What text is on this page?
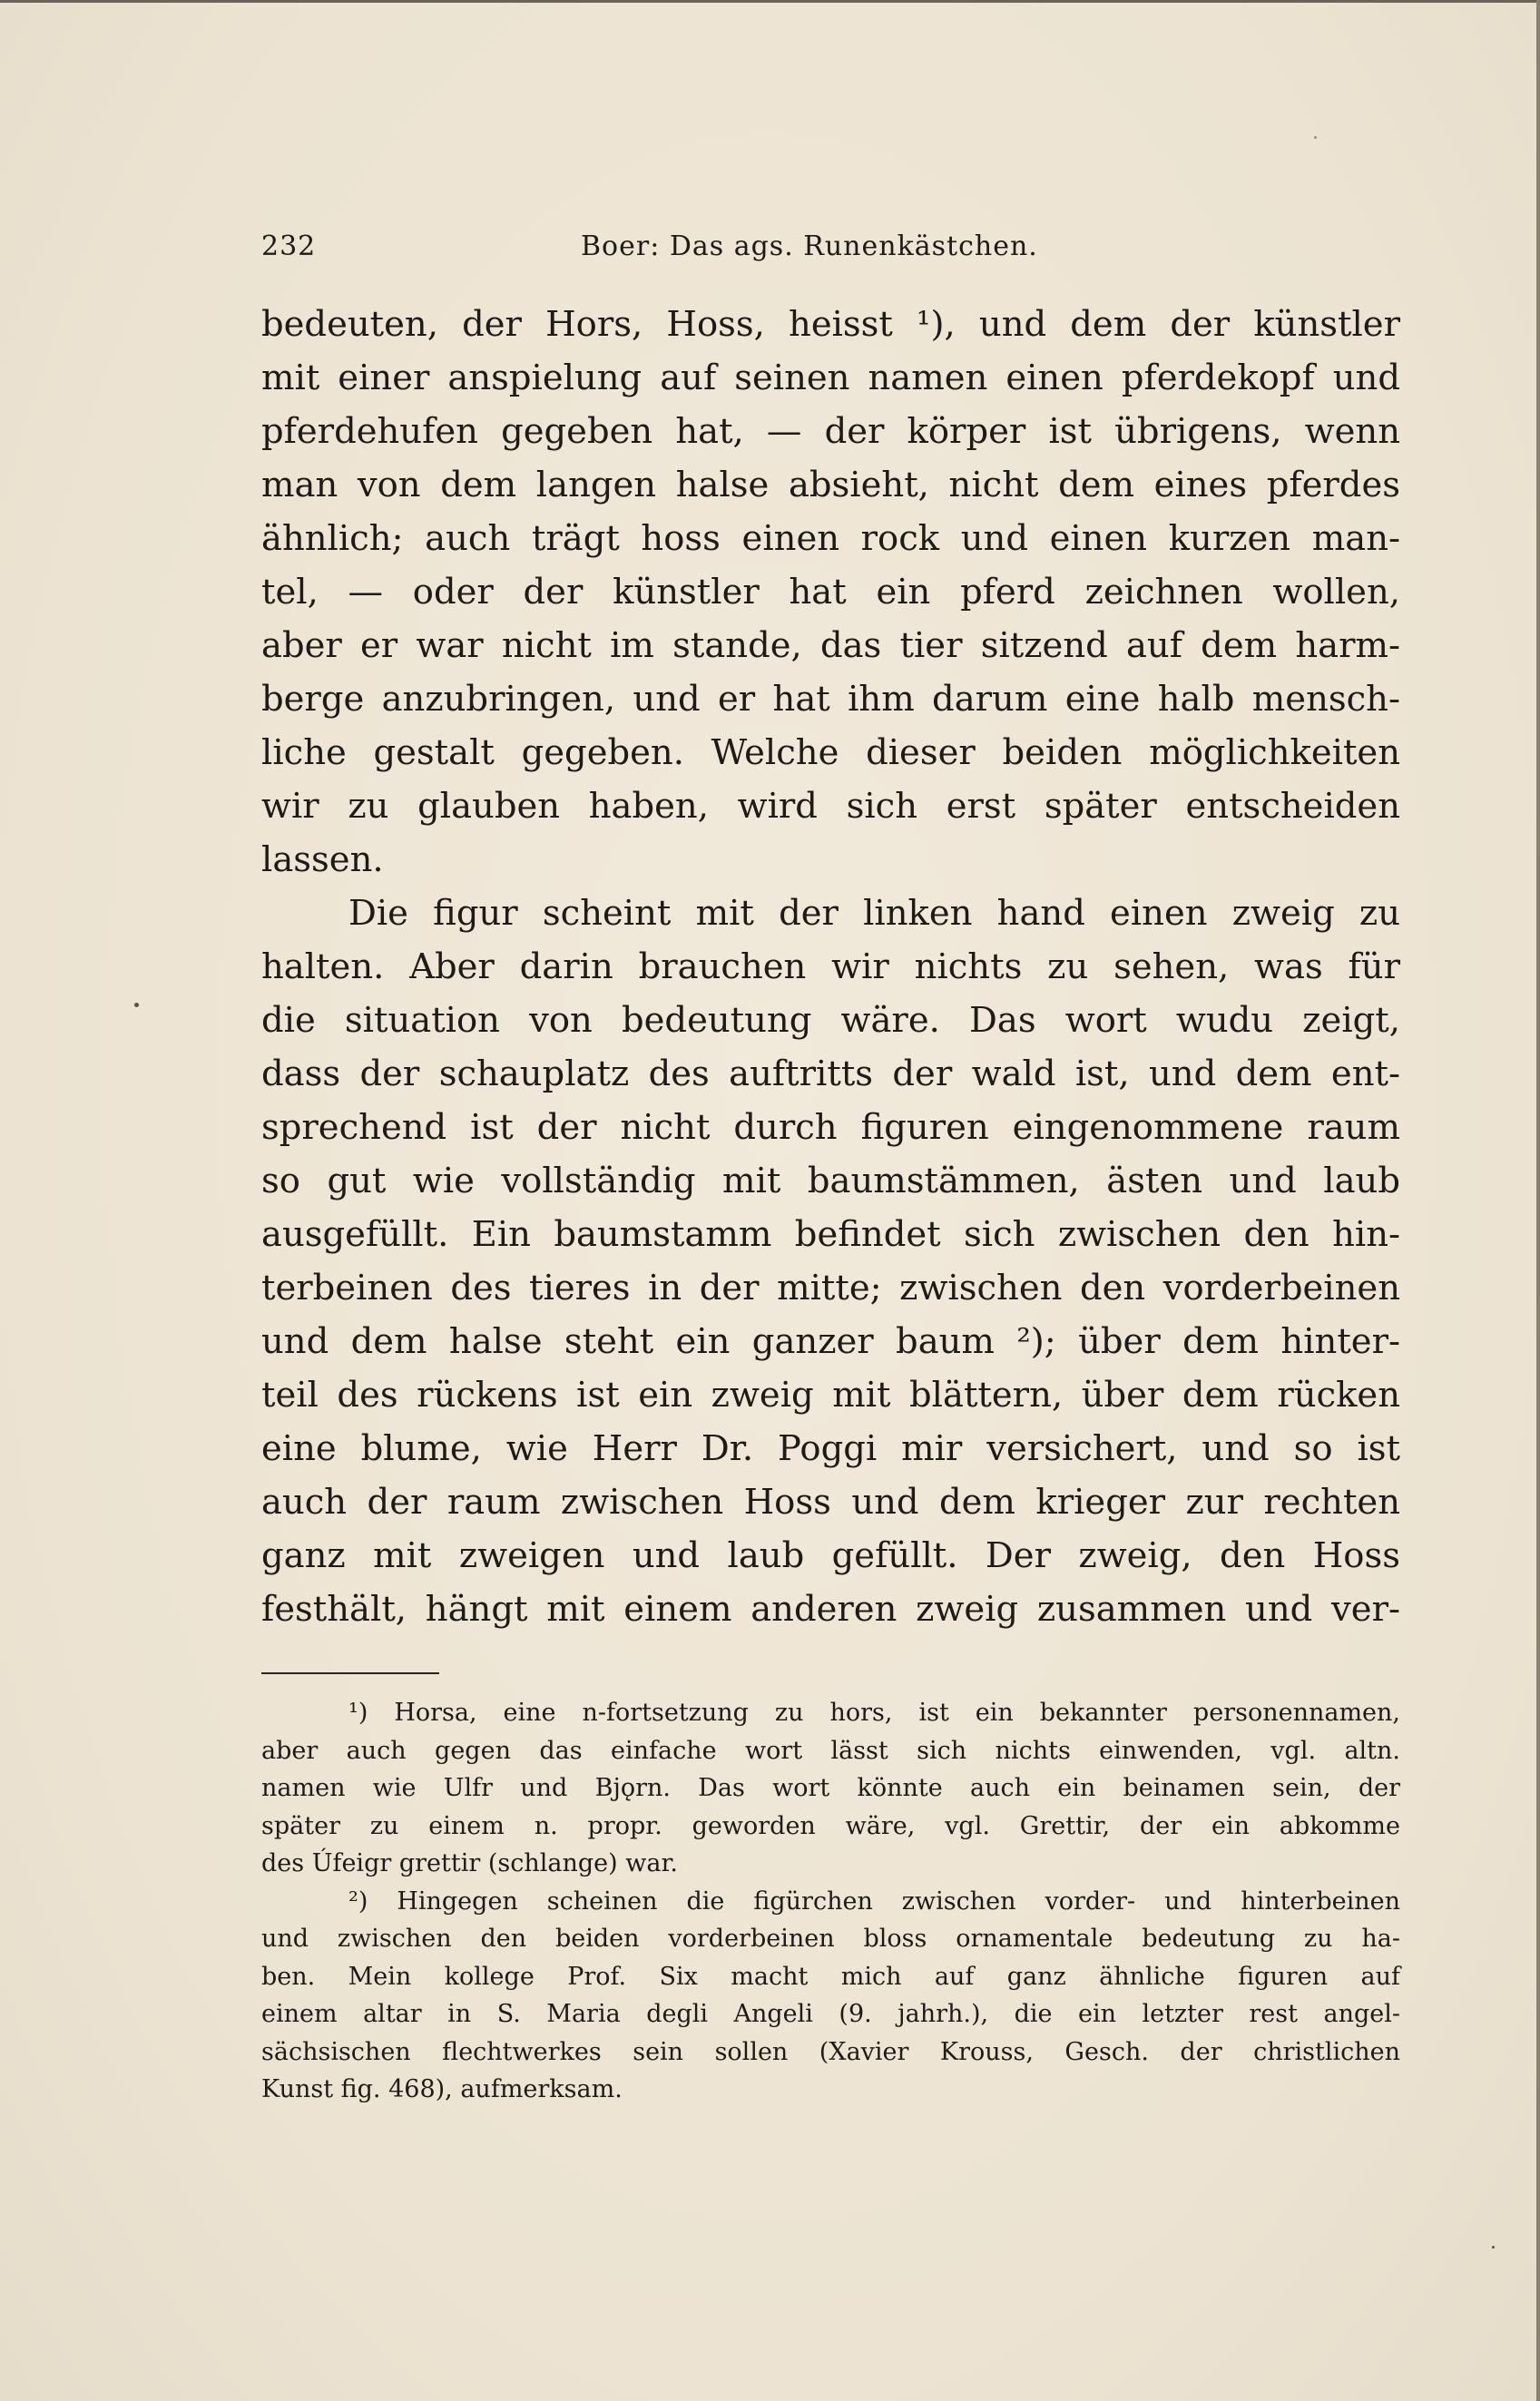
232	Boer: Das ags. Runenkästchen.
bedeuten, der Hors, Hoss, heisst ¹), und dem der künstler
mit einer anspielung auf seinen namen einen pferdekopf und
pferdehufen gegeben hat, — der körper ist übrigens, wenn
man von dem langen halse absieht, nicht dem eines pferdes
ähnlich; auch trägt hoss einen rock und einen kurzen man-
tel, — oder der künstler hat ein pferd zeichnen wollen,
aber er war nicht im stande, das tier sitzend auf dem harm-
berge anzubringen, und er hat ihm darum eine halb mensch-
liche gestalt gegeben. Welche dieser beiden möglichkeiten
wir zu glauben haben, wird sich erst später entscheiden
lassen.
Die figur scheint mit der linken hand einen zweig zu
halten. Aber darin brauchen wir nichts zu sehen, was für
die situation von bedeutung wäre. Das wort wudu zeigt,
dass der schauplatz des auftritts der wald ist, und dem ent-
sprechend ist der nicht durch figuren eingenommene raum
so gut wie vollständig mit baumstämmen, ästen und laub
ausgefüllt. Ein baumstamm befindet sich zwischen den hin-
terbeinen des tieres in der mitte; zwischen den vorderbeinen
und dem halse steht ein ganzer baum ²); über dem hinter-
teil des rückens ist ein zweig mit blättern, über dem rücken
eine blume, wie Herr Dr. Poggi mir versichert, und so ist
auch der raum zwischen Hoss und dem krieger zur rechten
ganz mit zweigen und laub gefüllt. Der zweig, den Hoss
festhält, hängt mit einem anderen zweig zusammen und ver-
¹) Horsa, eine n-fortsetzung zu hors, ist ein bekannter personennamen,
aber auch gegen das einfache wort lässt sich nichts einwenden, vgl. altn.
namen wie Ulfr und Bjǫrn. Das wort könnte auch ein beinamen sein, der
später zu einem n. propr. geworden wäre, vgl. Grettir, der ein abkomme
des Úfeigr grettir (schlange) war.
²) Hingegen scheinen die figürchen zwischen vorder- und hinterbeinen
und zwischen den beiden vorderbeinen bloss ornamentale bedeutung zu ha-
ben. Mein kollege Prof. Six macht mich auf ganz ähnliche figuren auf
einem altar in S. Maria degli Angeli (9. jahrh.), die ein letzter rest angel-
sächsischen flechtwerkes sein sollen (Xavier Krouss, Gesch. der christlichen
Kunst fig. 468), aufmerksam.
